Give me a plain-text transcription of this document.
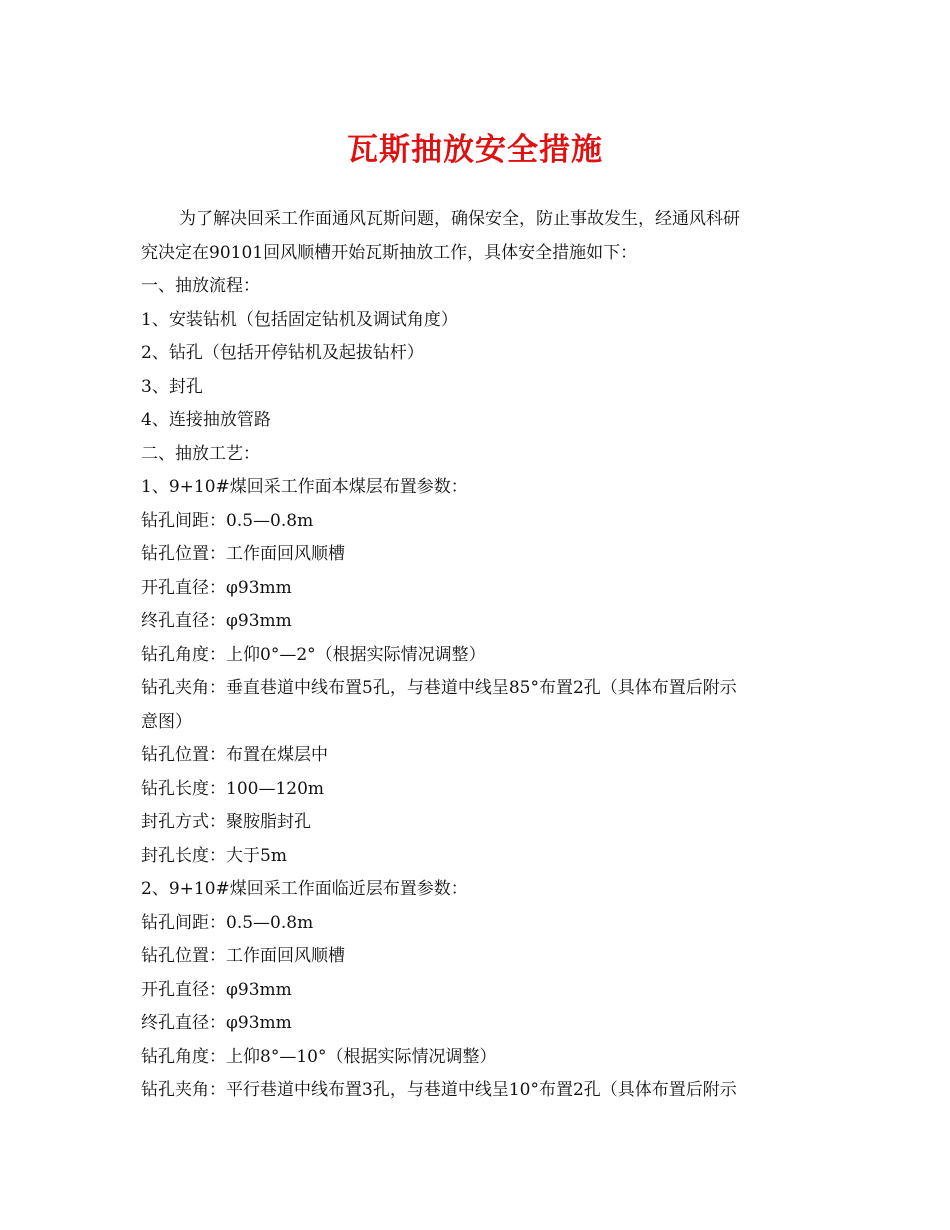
瓦斯抽放安全措施
为了解决回采工作面通风瓦斯问题，确保安全，防止事故发生，经通风科研
究决定在90101回风顺槽开始瓦斯抽放工作，具体安全措施如下：
一、抽放流程：
1、安装钻机（包括固定钻机及调试角度）
2、钻孔（包括开停钻机及起拔钻杆）
3、封孔
4、连接抽放管路
二、抽放工艺：
1、9+10#煤回采工作面本煤层布置参数：
钻孔间距：0.5—0.8m
钻孔位置：工作面回风顺槽
开孔直径：φ93mm
终孔直径：φ93mm
钻孔角度：上仰0°—2°（根据实际情况调整）
钻孔夹角：垂直巷道中线布置5孔，与巷道中线呈85°布置2孔（具体布置后附示
意图）
钻孔位置：布置在煤层中
钻孔长度：100—120m
封孔方式：聚胺脂封孔
封孔长度：大于5m
2、9+10#煤回采工作面临近层布置参数：
钻孔间距：0.5—0.8m
钻孔位置：工作面回风顺槽
开孔直径：φ93mm
终孔直径：φ93mm
钻孔角度：上仰8°—10°（根据实际情况调整）
钻孔夹角：平行巷道中线布置3孔，与巷道中线呈10°布置2孔（具体布置后附示
